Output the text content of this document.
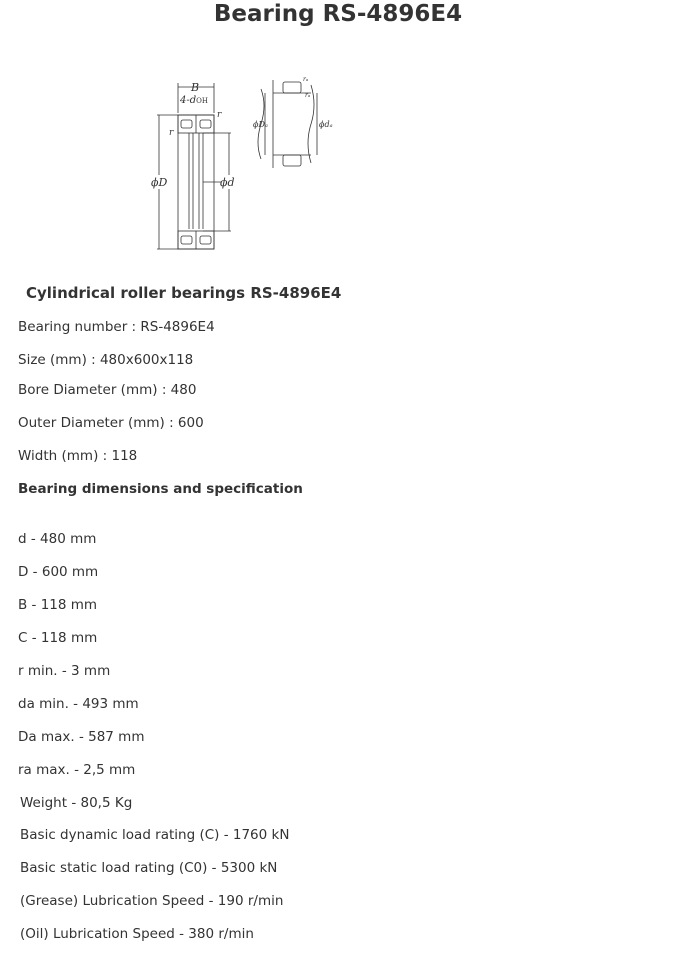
Bearing RS-4896E4
B
4-dOH
r
r
ϕD	ϕd
ϕDa	ϕda
ra
ra
Cylindrical roller bearings RS-4896E4
Bearing number : RS-4896E4
Size (mm) : 480x600x118
Bore Diameter (mm) : 480
Outer Diameter (mm) : 600
Width (mm) : 118
Bearing dimensions and specification
d - 480 mm
D - 600 mm
B - 118 mm
C - 118 mm
r min. - 3 mm
da min. - 493 mm
Da max. - 587 mm
ra max. - 2,5 mm
Weight - 80,5 Kg
Basic dynamic load rating (C) - 1760 kN
Basic static load rating (C0) - 5300 kN
(Grease) Lubrication Speed - 190 r/min
(Oil) Lubrication Speed - 380 r/min
